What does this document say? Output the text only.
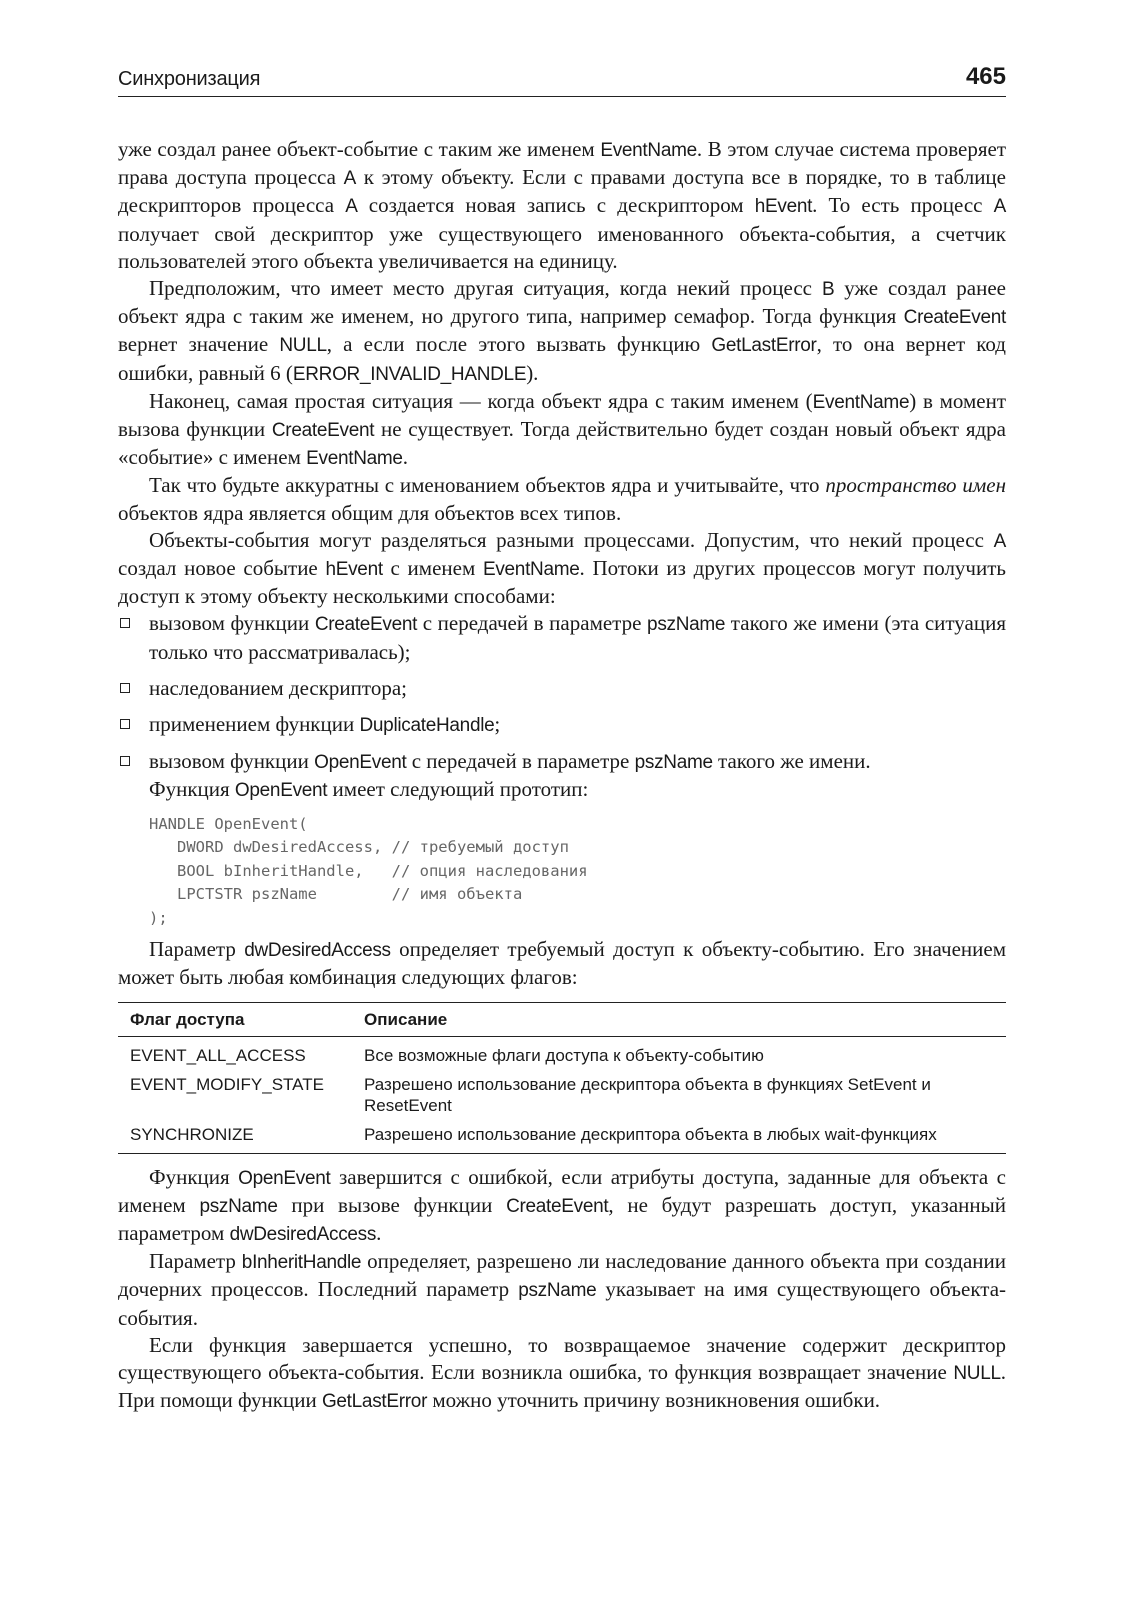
Синхронизация	465

уже создал ранее объект-событие с таким же именем EventName. В этом случае система проверяет права доступа процесса A к этому объекту. Если с правами доступа все в порядке, то в таблице дескрипторов процесса A создается новая запись с дескриптором hEvent. То есть процесс A получает свой дескриптор уже существующего именованного объекта-события, а счетчик пользователей этого объекта увеличивается на единицу.

Предположим, что имеет место другая ситуация, когда некий процесс B уже создал ранее объект ядра с таким же именем, но другого типа, например семафор. Тогда функция CreateEvent вернет значение NULL, а если после этого вызвать функцию GetLastError, то она вернет код ошибки, равный 6 (ERROR_INVALID_HANDLE).

Наконец, самая простая ситуация — когда объект ядра с таким именем (EventName) в момент вызова функции CreateEvent не существует. Тогда действительно будет создан новый объект ядра «событие» с именем EventName.

Так что будьте аккуратны с именованием объектов ядра и учитывайте, что пространство имен объектов ядра является общим для объектов всех типов.

Объекты-события могут разделяться разными процессами. Допустим, что некий процесс A создал новое событие hEvent с именем EventName. Потоки из других процессов могут получить доступ к этому объекту несколькими способами:

вызовом функции CreateEvent с передачей в параметре pszName такого же имени (эта ситуация только что рассматривалась);
наследованием дескриптора;
применением функции DuplicateHandle;
вызовом функции OpenEvent с передачей в параметре pszName такого же имени.

Функция OpenEvent имеет следующий прототип:

HANDLE OpenEvent(
DWORD dwDesiredAccess, // требуемый доступ
BOOL bInheritHandle,   // опция наследования
LPCTSTR pszName        // имя объекта
);

Параметр dwDesiredAccess определяет требуемый доступ к объекту-событию. Его значением может быть любая комбинация следующих флагов:

Флаг доступа	Описание
EVENT_ALL_ACCESS	Все возможные флаги доступа к объекту-событию
EVENT_MODIFY_STATE	Разрешено использование дескриптора объекта в функциях SetEvent и ResetEvent
SYNCHRONIZE	Разрешено использование дескриптора объекта в любых wait-функциях

Функция OpenEvent завершится с ошибкой, если атрибуты доступа, заданные для объекта с именем pszName при вызове функции CreateEvent, не будут разрешать доступ, указанный параметром dwDesiredAccess.

Параметр bInheritHandle определяет, разрешено ли наследование данного объекта при создании дочерних процессов. Последний параметр pszName указывает на имя существующего объекта-события.

Если функция завершается успешно, то возвращаемое значение содержит дескриптор существующего объекта-события. Если возникла ошибка, то функция возвращает значение NULL. При помощи функции GetLastError можно уточнить причину возникновения ошибки.
